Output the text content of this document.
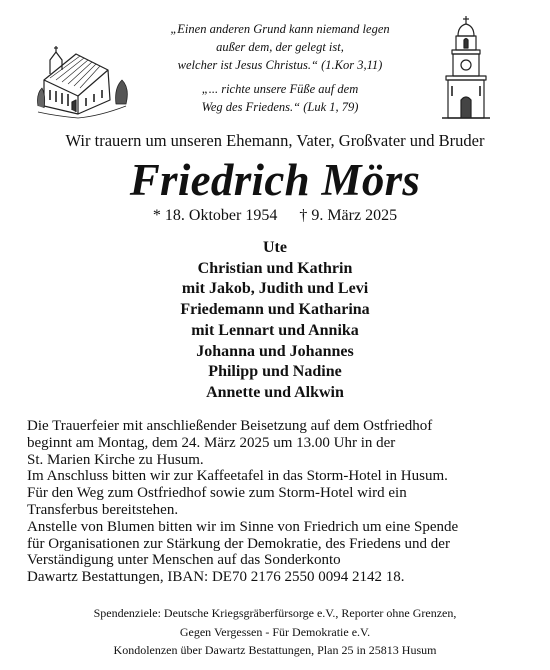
„Einen anderen Grund kann niemand legen
außer dem, der gelegt ist,
welcher ist Jesus Christus.“ (1.Kor 3,11)
„... richte unsere Füße auf dem
Weg des Friedens.“ (Luk 1, 79)
Wir trauern um unseren Ehemann, Vater, Großvater und Bruder
Friedrich Mörs
* 18. Oktober 1954 † 9. März 2025
Ute
Christian und Kathrin
mit Jakob, Judith und Levi
Friedemann und Katharina
mit Lennart und Annika
Johanna und Johannes
Philipp und Nadine
Annette und Alkwin
Die Trauerfeier mit anschließender Beisetzung auf dem Ostfriedhof
beginnt am Montag, dem 24. März 2025 um 13.00 Uhr in der
St. Marien Kirche zu Husum.
Im Anschluss bitten wir zur Kaffeetafel in das Storm-Hotel in Husum.
Für den Weg zum Ostfriedhof sowie zum Storm-Hotel wird ein
Transferbus bereitstehen.
Anstelle von Blumen bitten wir im Sinne von Friedrich um eine Spende
für Organisationen zur Stärkung der Demokratie, des Friedens und der
Verständigung unter Menschen auf das Sonderkonto
Dawartz Bestattungen, IBAN: DE70 2176 2550 0094 2142 18.
Spendenziele: Deutsche Kriegsgräberfürsorge e.V., Reporter ohne Grenzen,
Gegen Vergessen - Für Demokratie e.V.
Kondolenzen über Dawartz Bestattungen, Plan 25 in 25813 Husum
